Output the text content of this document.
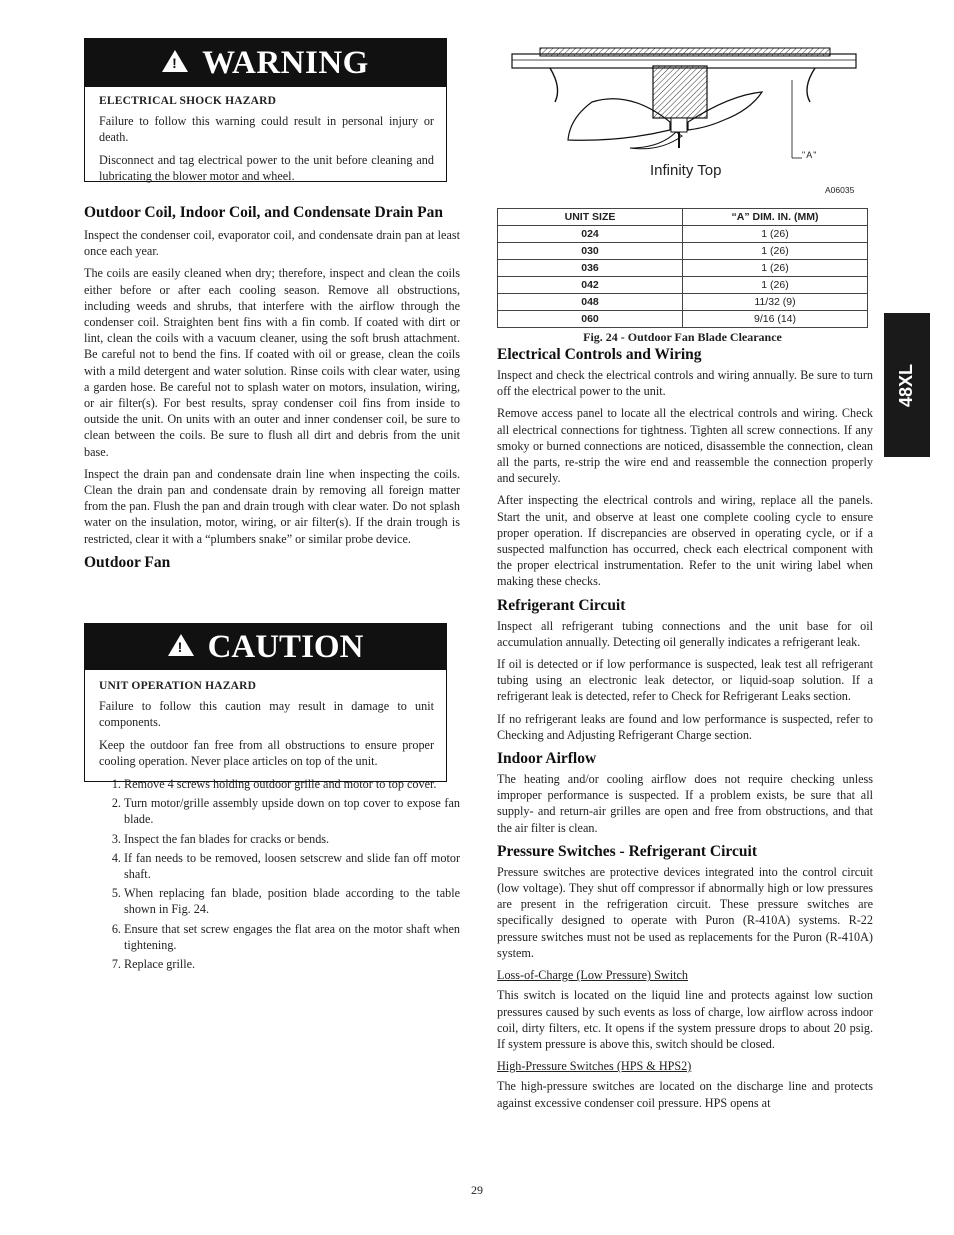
! WARNING

ELECTRICAL SHOCK HAZARD

Failure to follow this warning could result in personal injury or death.

Disconnect and tag electrical power to the unit before cleaning and lubricating the blower motor and wheel.

Outdoor Coil, Indoor Coil, and Condensate Drain Pan

Inspect the condenser coil, evaporator coil, and condensate drain pan at least once each year.

The coils are easily cleaned when dry; therefore, inspect and clean the coils either before or after each cooling season. Remove all obstructions, including weeds and shrubs, that interfere with the airflow through the condenser coil. Straighten bent fins with a fin comb. If coated with dirt or lint, clean the coils with a vacuum cleaner, using the soft brush attachment. Be careful not to bend the fins. If coated with oil or grease, clean the coils with a mild detergent and water solution. Rinse coils with clear water, using a garden hose. Be careful not to splash water on motors, insulation, wiring, or air filter(s). For best results, spray condenser coil fins from inside to outside the unit. On units with an outer and inner condenser coil, be sure to clean between the coils. Be sure to flush all dirt and debris from the unit base.

Inspect the drain pan and condensate drain line when inspecting the coils. Clean the drain pan and condensate drain by removing all foreign matter from the pan. Flush the pan and drain trough with clear water. Do not splash water on the insulation, motor, wiring, or air filter(s). If the drain trough is restricted, clear it with a “plumbers snake” or similar probe device.

Outdoor Fan
! CAUTION

UNIT OPERATION HAZARD

Failure to follow this caution may result in damage to unit components.

Keep the outdoor fan free from all obstructions to ensure proper cooling operation. Never place articles on top of the unit.

1. Remove 4 screws holding outdoor grille and motor to top cover.
2. Turn motor/grille assembly upside down on top cover to expose fan blade.
3. Inspect the fan blades for cracks or bends.
4. If fan needs to be removed, loosen setscrew and slide fan off motor shaft.
5. When replacing fan blade, position blade according to the table shown in Fig. 24.
6. Ensure that set screw engages the flat area on the motor shaft when tightening.
7. Replace grille.
"A"
Infinity Top
A06035
UNIT SIZE	“A” DIM. IN. (MM)
024	1 (26)
030	1 (26)
036	1 (26)
042	1 (26)
048	11/32 (9)
060	9/16 (14)
Fig. 24 - Outdoor Fan Blade Clearance
Electrical Controls and Wiring

Inspect and check the electrical controls and wiring annually. Be sure to turn off the electrical power to the unit.

Remove access panel to locate all the electrical controls and wiring. Check all electrical connections for tightness. Tighten all screw connections. If any smoky or burned connections are noticed, disassemble the connection, clean all the parts, re-strip the wire end and reassemble the connection properly and securely.

After inspecting the electrical controls and wiring, replace all the panels. Start the unit, and observe at least one complete cooling cycle to ensure proper operation. If discrepancies are observed in operating cycle, or if a suspected malfunction has occurred, check each electrical component with the proper electrical instrumentation. Refer to the unit wiring label when making these checks.

Refrigerant Circuit

Inspect all refrigerant tubing connections and the unit base for oil accumulation annually. Detecting oil generally indicates a refrigerant leak.

If oil is detected or if low performance is suspected, leak test all refrigerant tubing using an electronic leak detector, or liquid-soap solution. If a refrigerant leak is detected, refer to Check for Refrigerant Leaks section.

If no refrigerant leaks are found and low performance is suspected, refer to Checking and Adjusting Refrigerant Charge section.

Indoor Airflow

The heating and/or cooling airflow does not require checking unless improper performance is suspected. If a problem exists, be sure that all supply- and return-air grilles are open and free from obstructions, and that the air filter is clean.

Pressure Switches - Refrigerant Circuit

Pressure switches are protective devices integrated into the control circuit (low voltage). They shut off compressor if abnormally high or low pressures are present in the refrigeration circuit. These pressure switches are specifically designed to operate with Puron (R-410A) systems. R-22 pressure switches must not be used as replacements for the Puron (R-410A) system.

Loss-of-Charge (Low Pressure) Switch

This switch is located on the liquid line and protects against low suction pressures caused by such events as loss of charge, low airflow across indoor coil, dirty filters, etc. It opens if the system pressure drops to about 20 psig. If system pressure is above this, switch should be closed.

High-Pressure Switches (HPS & HPS2)

The high-pressure switches are located on the discharge line and protects against excessive condenser coil pressure. HPS opens at

48XL
29
